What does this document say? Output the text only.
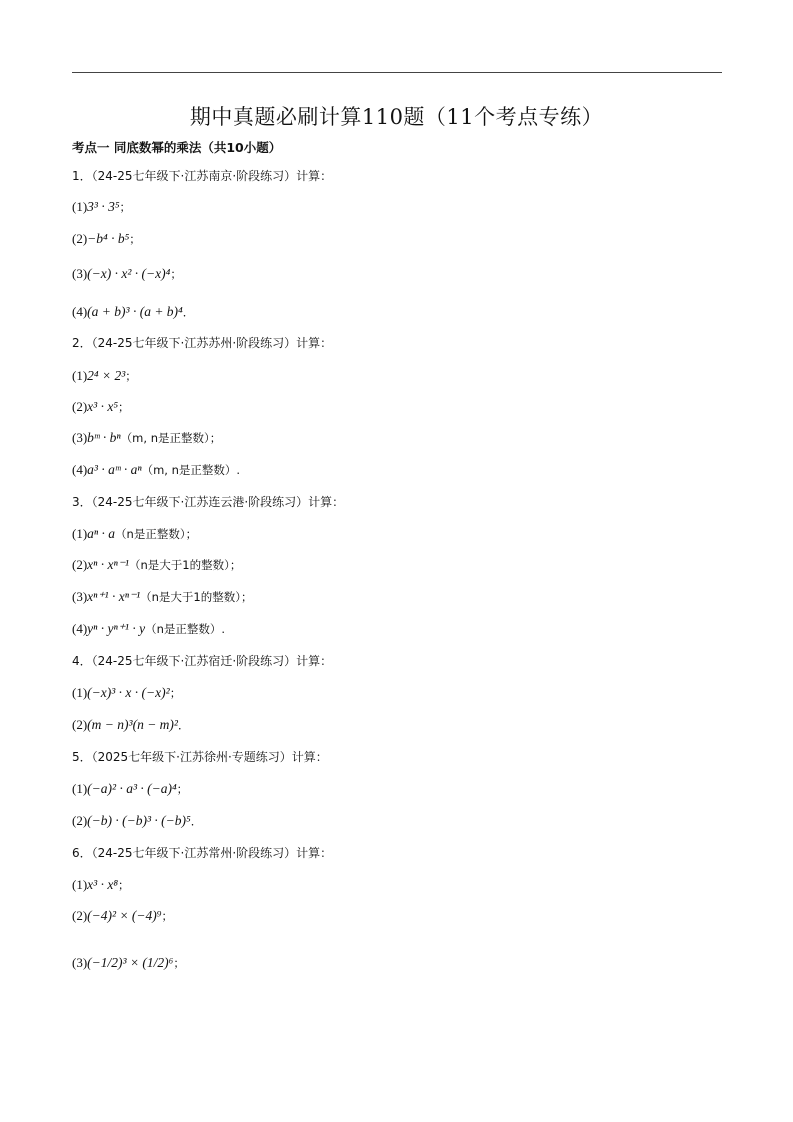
期中真题必刷计算110题（11个考点专练）
考点一 同底数幂的乘法（共10小题）
1．（24-25七年级下·江苏南京·阶段练习）计算：
(1)3³ · 3⁵；
(2)−b⁴ · b⁵；
(3)(−x) · x² · (−x)⁴；
(4)(a + b)³ · (a + b)⁴．
2．（24-25七年级下·江苏苏州·阶段练习）计算：
(1)2⁴ × 2³；
(2)x³ · x⁵；
(3)bᵐ · bⁿ（m, n是正整数）；
(4)a³ · aᵐ · aⁿ（m, n是正整数）.
3．（24-25七年级下·江苏连云港·阶段练习）计算：
(1)aⁿ · a（n是正整数）；
(2)xⁿ · xⁿ⁻¹（n是大于1的整数）；
(3)xⁿ⁺¹ · xⁿ⁻¹（n是大于1的整数）；
(4)yⁿ · yⁿ⁺¹ · y（n是正整数）.
4．（24-25七年级下·江苏宿迁·阶段练习）计算：
(1)(−x)³ · x · (−x)²；
(2)(m − n)³(n − m)²．
5．（2025七年级下·江苏徐州·专题练习）计算：
(1)(−a)² · a³ · (−a)⁴；
(2)(−b) · (−b)³ · (−b)⁵．
6．（24-25七年级下·江苏常州·阶段练习）计算：
(1)x³ · x⁸；
(2)(−4)² × (−4)⁹；
(3)(−1/2)³ × (1/2)⁶；
